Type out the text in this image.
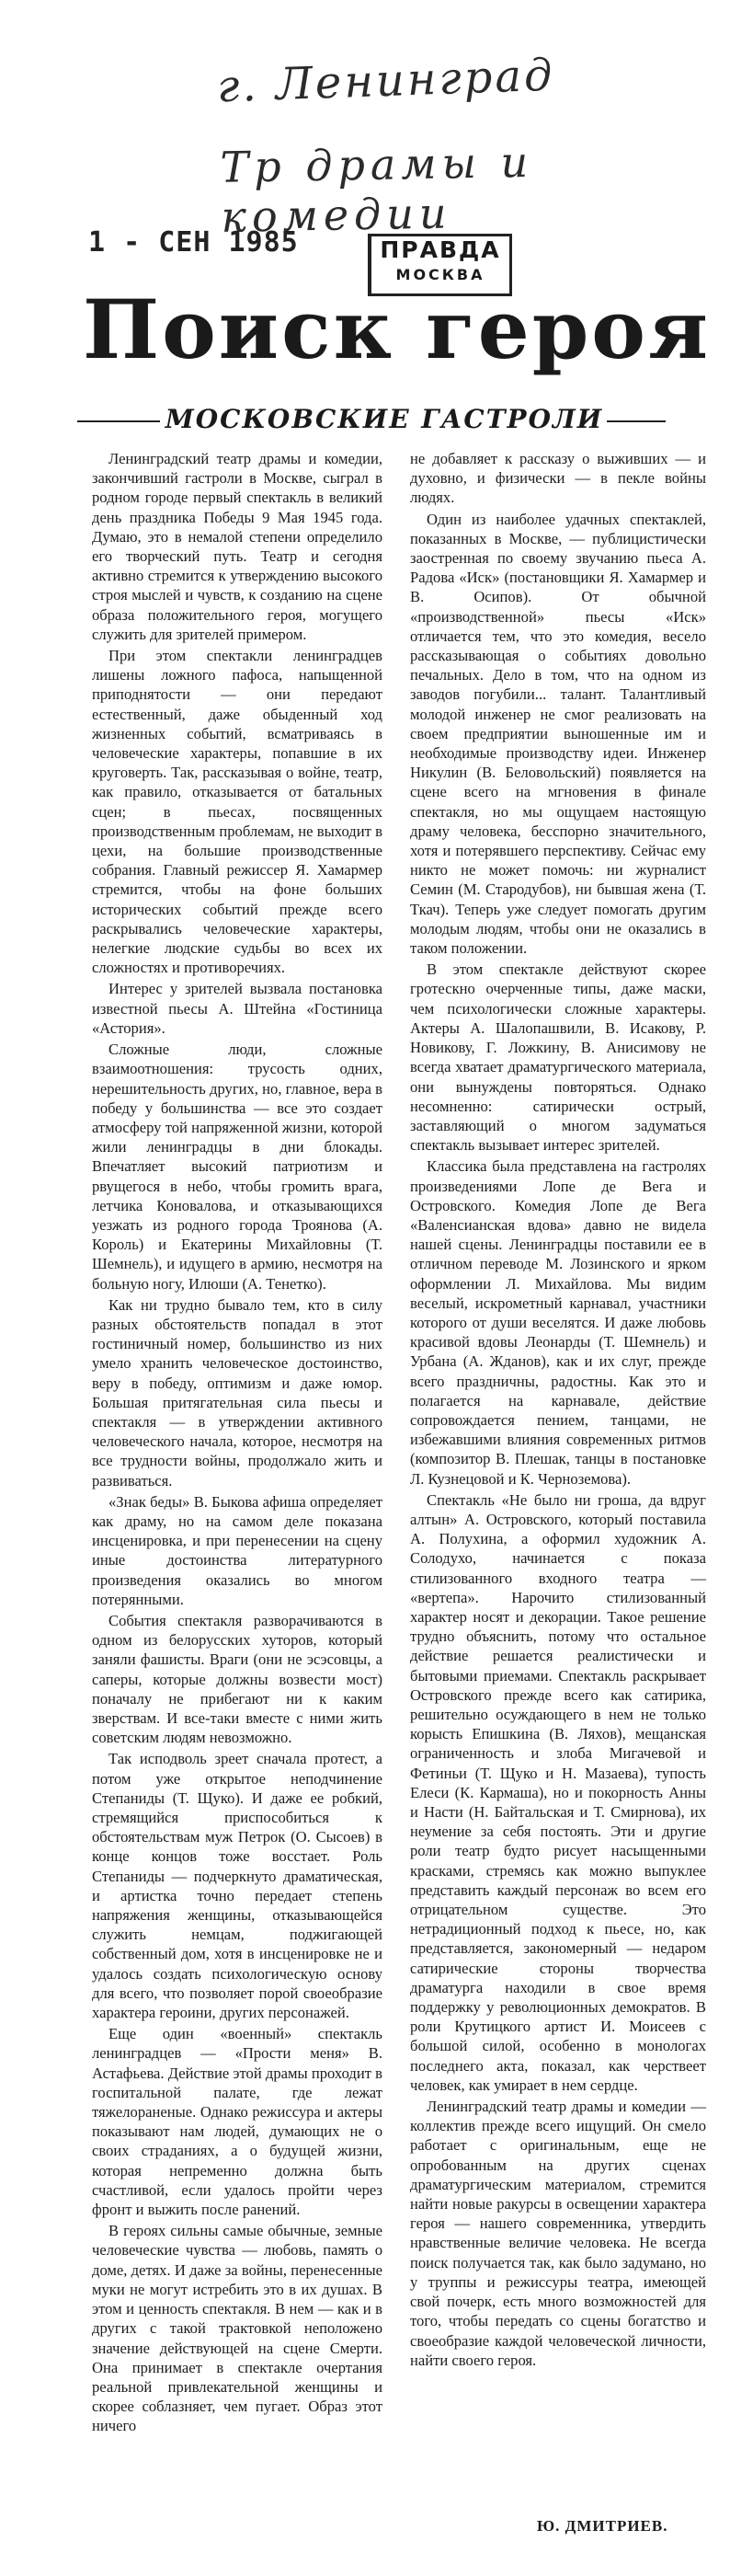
г. Ленинград
Тр драмы и комедии
1 - СЕН 1985	ПРАВДА
МОСКВА
Поиск героя
МОСКОВСКИЕ ГАСТРОЛИ

Ленинградский театр драмы и комедии, закончивший гастроли в Москве, сыграл в родном городе первый спектакль в великий день праздника Победы 9 Мая 1945 года. Думаю, это в немалой степени определило его творческий путь. Театр и сегодня активно стремится к утверждению высокого строя мыслей и чувств, к созданию на сцене образа положительного героя, могущего служить для зрителей примером.

При этом спектакли ленинградцев лишены ложного пафоса, напыщенной приподнятости — они передают естественный, даже обыденный ход жизненных событий, всматриваясь в человеческие характеры, попавшие в их круговерть. Так, рассказывая о войне, театр, как правило, отказывается от батальных сцен; в пьесах, посвященных производственным проблемам, не выходит в цехи, на большие производственные собрания. Главный режиссер Я. Хамармер стремится, чтобы на фоне больших исторических событий прежде всего раскрывались человеческие характеры, нелегкие людские судьбы во всех их сложностях и противоречиях.

Интерес у зрителей вызвала постановка известной пьесы А. Штейна «Гостиница «Астория».

Сложные люди, сложные взаимоотношения: трусость одних, нерешительность других, но, главное, вера в победу у большинства — все это создает атмосферу той напряженной жизни, которой жили ленинградцы в дни блокады. Впечатляет высокий патриотизм и рвущегося в небо, чтобы громить врага, летчика Коновалова, и отказывающихся уезжать из родного города Троянова (А. Король) и Екатерины Михайловны (Т. Шемнель), и идущего в армию, несмотря на больную ногу, Илюши (А. Тенетко).

Как ни трудно бывало тем, кто в силу разных обстоятельств попадал в этот гостиничный номер, большинство из них умело хранить человеческое достоинство, веру в победу, оптимизм и даже юмор. Большая притягательная сила пьесы и спектакля — в утверждении активного человеческого начала, которое, несмотря на все трудности войны, продолжало жить и развиваться.

«Знак беды» В. Быкова афиша определяет как драму, но на самом деле показана инсценировка, и при перенесении на сцену иные достоинства литературного произведения оказались во многом потерянными.

События спектакля разворачиваются в одном из белорусских хуторов, который заняли фашисты. Враги (они не эсэсовцы, а саперы, которые должны возвести мост) поначалу не прибегают ни к каким зверствам. И все-таки вместе с ними жить советским людям невозможно.

Так исподволь зреет сначала протест, а потом уже открытое неподчинение Степаниды (Т. Щуко). И даже ее робкий, стремящийся приспособиться к обстоятельствам муж Петрок (О. Сысоев) в конце концов тоже восстает. Роль Степаниды — подчеркнуто драматическая, и артистка точно передает степень напряжения женщины, отказывающейся служить немцам, поджигающей собственный дом, хотя в инсценировке не и удалось создать психологическую основу для всего, что позволяет порой своеобразие характера героини, других персонажей.

Еще один «военный» спектакль ленинградцев — «Прости меня» В. Астафьева. Действие этой драмы проходит в госпитальной палате, где лежат тяжелораненые. Однако режиссура и актеры показывают нам людей, думающих не о своих страданиях, а о будущей жизни, которая непременно должна быть счастливой, если удалось пройти через фронт и выжить после ранений.

В героях сильны самые обычные, земные человеческие чувства — любовь, память о доме, детях. И даже за войны, перенесенные муки не могут истребить это в их душах. В этом и ценность спектакля. В нем — как и в других с такой трактовкой неположено значение действующей на сцене Смерти. Она принимает в спектакле очертания реальной привлекательной женщины и скорее соблазняет, чем пугает. Образ этот ничего

не добавляет к рассказу о выживших — и духовно, и физически — в пекле войны людях.

Один из наиболее удачных спектаклей, показанных в Москве, — публицистически заостренная по своему звучанию пьеса А. Радова «Иск» (постановщики Я. Хамармер и В. Осипов). От обычной «производственной» пьесы «Иск» отличается тем, что это комедия, весело рассказывающая о событиях довольно печальных. Дело в том, что на одном из заводов погубили... талант. Талантливый молодой инженер не смог реализовать на своем предприятии выношенные им и необходимые производству идеи. Инженер Никулин (В. Беловольский) появляется на сцене всего на мгновения в финале спектакля, но мы ощущаем настоящую драму человека, бесспорно значительного, хотя и потерявшего перспективу. Сейчас ему никто не может помочь: ни журналист Семин (М. Стародубов), ни бывшая жена (Т. Ткач). Теперь уже следует помогать другим молодым людям, чтобы они не оказались в таком положении.

В этом спектакле действуют скорее гротескно очерченные типы, даже маски, чем психологически сложные характеры. Актеры А. Шалопашвили, В. Исакову, Р. Новикову, Г. Ложкину, В. Анисимову не всегда хватает драматургического материала, они вынуждены повторяться. Однако несомненно: сатирически острый, заставляющий о многом задуматься спектакль вызывает интерес зрителей.

Классика была представлена на гастролях произведениями Лопе де Вега и Островского. Комедия Лопе де Вега «Валенсианская вдова» давно не видела нашей сцены. Ленинградцы поставили ее в отличном переводе М. Лозинского и ярком оформлении Л. Михайлова. Мы видим веселый, искрометный карнавал, участники которого от души веселятся. И даже любовь красивой вдовы Леонарды (Т. Шемнель) и Урбана (А. Жданов), как и их слуг, прежде всего праздничны, радостны. Как это и полагается на карнавале, действие сопровождается пением, танцами, не избежавшими влияния современных ритмов (композитор В. Плешак, танцы в постановке Л. Кузнецовой и К. Черноземова).

Спектакль «Не было ни гроша, да вдруг алтын» А. Островского, который поставила А. Полухина, а оформил художник А. Солодухо, начинается с показа стилизованного входного театра — «вертепа». Нарочито стилизованный характер носят и декорации. Такое решение трудно объяснить, потому что остальное действие решается реалистически и бытовыми приемами. Спектакль раскрывает Островского прежде всего как сатирика, решительно осуждающего в нем не только корысть Епишкина (В. Ляхов), мещанская ограниченность и злоба Мигачевой и Фетиньи (Т. Щуко и Н. Мазаева), тупость Елеси (К. Кармаша), но и покорность Анны и Насти (Н. Байтальская и Т. Смирнова), их неумение за себя постоять. Эти и другие роли театр будто рисует насыщенными красками, стремясь как можно выпуклее представить каждый персонаж во всем его отрицательном существе. Это нетрадиционный подход к пьесе, но, как представляется, закономерный — недаром сатирические стороны творчества драматурга находили в свое время поддержку у революционных демократов. В роли Крутицкого артист И. Моисеев с большой силой, особенно в монологах последнего акта, показал, как черствеет человек, как умирает в нем сердце.

Ленинградский театр драмы и комедии — коллектив прежде всего ищущий. Он смело работает с оригинальным, еще не опробованным на других сценах драматургическим материалом, стремится найти новые ракурсы в освещении характера героя — нашего современника, утвердить нравственные величие человека. Не всегда поиск получается так, как было задумано, но у труппы и режиссуры театра, имеющей свой почерк, есть много возможностей для того, чтобы передать со сцены богатство и своеобразие каждой человеческой личности, найти своего героя.

Ю. ДМИТРИЕВ.
